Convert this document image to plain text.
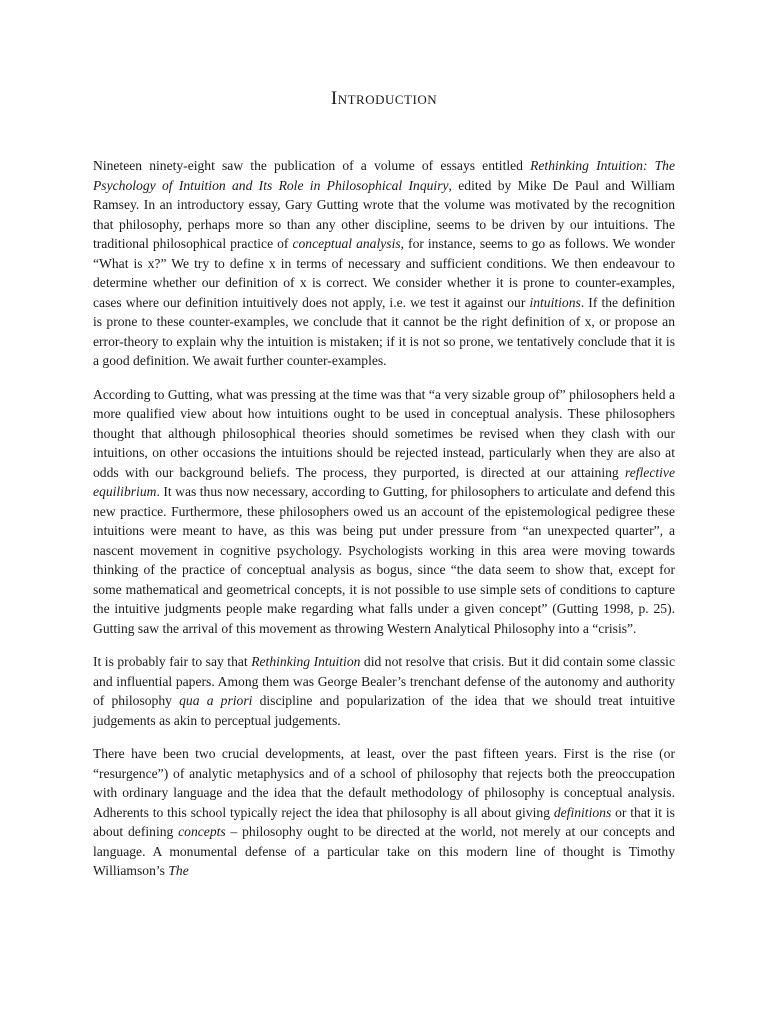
Introduction

Nineteen ninety-eight saw the publication of a volume of essays entitled Rethinking Intuition: The Psychology of Intuition and Its Role in Philosophical Inquiry, edited by Mike De Paul and William Ramsey. In an introductory essay, Gary Gutting wrote that the volume was motivated by the recognition that philosophy, perhaps more so than any other discipline, seems to be driven by our intuitions. The traditional philosophical practice of conceptual analysis, for instance, seems to go as follows. We wonder “What is x?” We try to define x in terms of necessary and sufficient conditions. We then endeavour to determine whether our definition of x is correct. We consider whether it is prone to counter-examples, cases where our definition intuitively does not apply, i.e. we test it against our intuitions. If the definition is prone to these counter-examples, we conclude that it cannot be the right definition of x, or propose an error-theory to explain why the intuition is mistaken; if it is not so prone, we tentatively conclude that it is a good definition. We await further counter-examples.

According to Gutting, what was pressing at the time was that “a very sizable group of” philosophers held a more qualified view about how intuitions ought to be used in conceptual analysis. These philosophers thought that although philosophical theories should sometimes be revised when they clash with our intuitions, on other occasions the intuitions should be rejected instead, particularly when they are also at odds with our background beliefs. The process, they purported, is directed at our attaining reflective equilibrium. It was thus now necessary, according to Gutting, for philosophers to articulate and defend this new practice. Furthermore, these philosophers owed us an account of the epistemological pedigree these intuitions were meant to have, as this was being put under pressure from “an unexpected quarter”, a nascent movement in cognitive psychology. Psychologists working in this area were moving towards thinking of the practice of conceptual analysis as bogus, since “the data seem to show that, except for some mathematical and geometrical concepts, it is not possible to use simple sets of conditions to capture the intuitive judgments people make regarding what falls under a given concept” (Gutting 1998, p. 25). Gutting saw the arrival of this movement as throwing Western Analytical Philosophy into a “crisis”.

It is probably fair to say that Rethinking Intuition did not resolve that crisis. But it did contain some classic and influential papers. Among them was George Bealer’s trenchant defense of the autonomy and authority of philosophy qua a priori discipline and popularization of the idea that we should treat intuitive judgements as akin to perceptual judgements.

There have been two crucial developments, at least, over the past fifteen years. First is the rise (or “resurgence”) of analytic metaphysics and of a school of philosophy that rejects both the preoccupation with ordinary language and the idea that the default methodology of philosophy is conceptual analysis. Adherents to this school typically reject the idea that philosophy is all about giving definitions or that it is about defining concepts – philosophy ought to be directed at the world, not merely at our concepts and language. A monumental defense of a particular take on this modern line of thought is Timothy Williamson’s The
